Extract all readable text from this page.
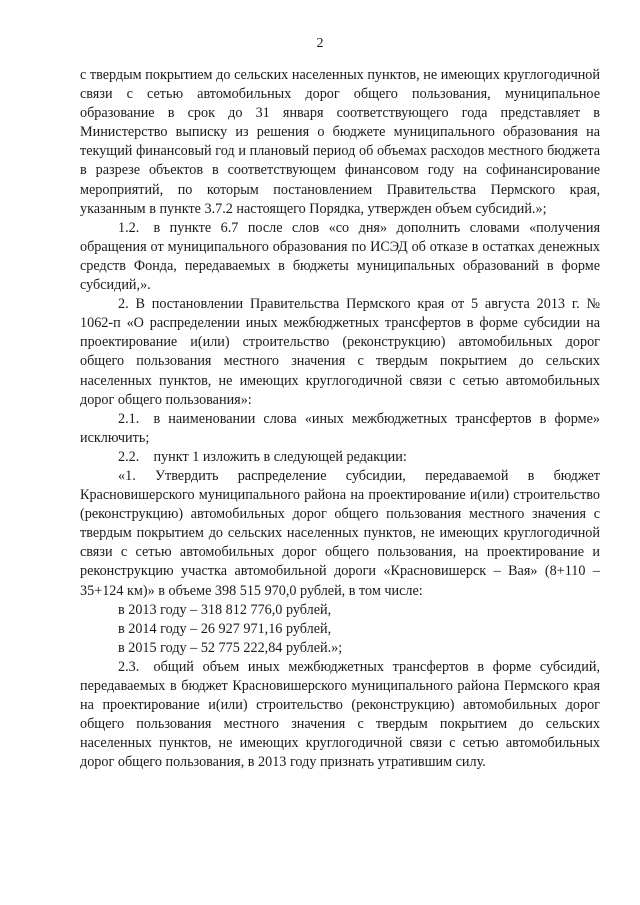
2

с твердым покрытием до сельских населенных пунктов, не имеющих круглогодичной связи с сетью автомобильных дорог общего пользования, муниципальное образование в срок до 31 января соответствующего года представляет в Министерство выписку из решения о бюджете муниципального образования на текущий финансовый год и плановый период об объемах расходов местного бюджета в разрезе объектов в соответствующем финансовом году на софинансирование мероприятий, по которым постановлением Правительства Пермского края, указанным в пункте 3.7.2 настоящего Порядка, утвержден объем субсидий.»;

1.2. в пункте 6.7 после слов «со дня» дополнить словами «получения обращения от муниципального образования по ИСЭД об отказе в остатках денежных средств Фонда, передаваемых в бюджеты муниципальных образований в форме субсидий,».

2. В постановлении Правительства Пермского края от 5 августа 2013 г. № 1062-п «О распределении иных межбюджетных трансфертов в форме субсидии на проектирование и(или) строительство (реконструкцию) автомобильных дорог общего пользования местного значения с твердым покрытием до сельских населенных пунктов, не имеющих круглогодичной связи с сетью автомобильных дорог общего пользования»:

2.1. в наименовании слова «иных межбюджетных трансфертов в форме» исключить;

2.2. пункт 1 изложить в следующей редакции:

«1. Утвердить распределение субсидии, передаваемой в бюджет Красновишерского муниципального района на проектирование и(или) строительство (реконструкцию) автомобильных дорог общего пользования местного значения с твердым покрытием до сельских населенных пунктов, не имеющих круглогодичной связи с сетью автомобильных дорог общего пользования, на проектирование и реконструкцию участка автомобильной дороги «Красновишерск – Вая» (8+110 – 35+124 км)» в объеме 398 515 970,0 рублей, в том числе:

в 2013 году – 318 812 776,0 рублей,

в 2014 году – 26 927 971,16 рублей,

в 2015 году – 52 775 222,84 рублей.»;

2.3. общий объем иных межбюджетных трансфертов в форме субсидий, передаваемых в бюджет Красновишерского муниципального района Пермского края на проектирование и(или) строительство (реконструкцию) автомобильных дорог общего пользования местного значения с твердым покрытием до сельских населенных пунктов, не имеющих круглогодичной связи с сетью автомобильных дорог общего пользования, в 2013 году признать утратившим силу.
